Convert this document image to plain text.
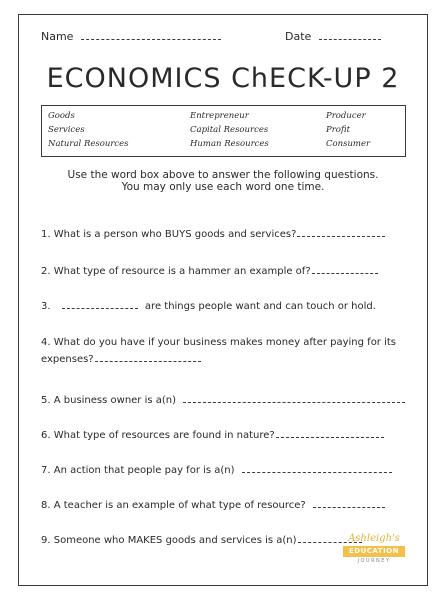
Name	Date
ECONOMICS ChECK-UP 2
Goods	Entrepreneur	Producer
Services	Capital Resources	Profit
Natural Resources	Human Resources	Consumer
Use the word box above to answer the following questions.
You may only use each word one time.
1. What is a person who BUYS goods and services?
2. What type of resource is a hammer an example of?
3.	are things people want and can touch or hold.
4. What do you have if your business makes money after paying for its expenses?
5. A business owner is a(n)
6. What type of resources are found in nature?
7. An action that people pay for is a(n)
8. A teacher is an example of what type of resource?
9. Someone who MAKES goods and services is a(n)	Ashleigh's
EDUCATION
JOURNEY
